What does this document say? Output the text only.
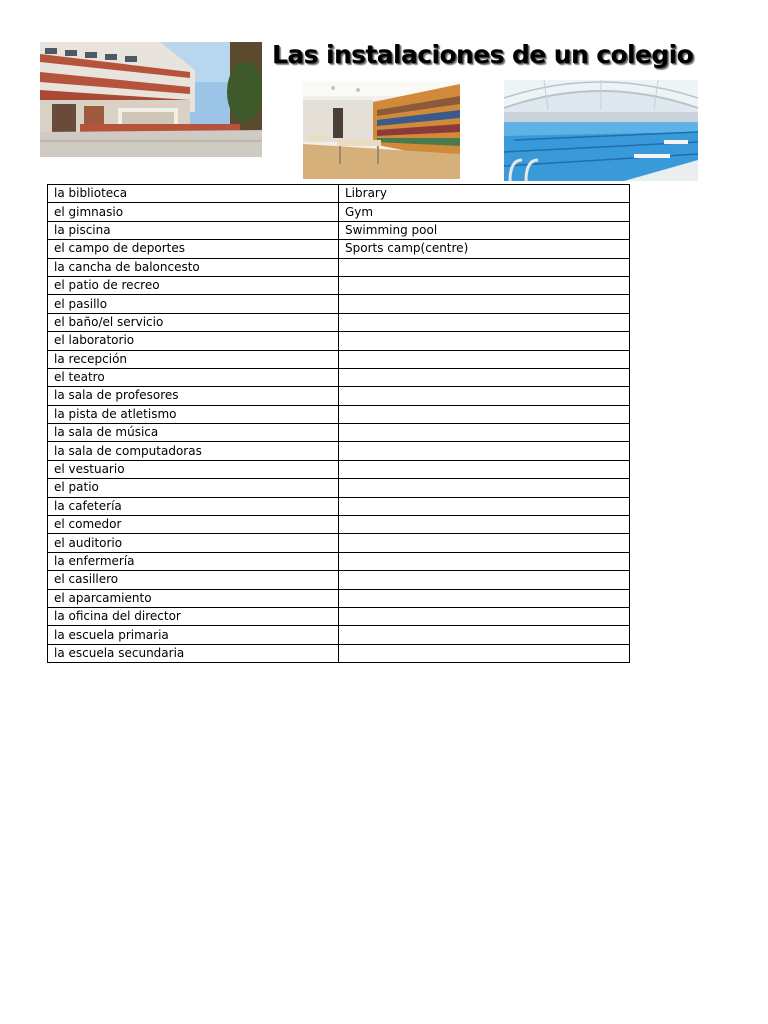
Las instalaciones de un colegio
la biblioteca	Library
el gimnasio	Gym
la piscina	Swimming pool
el campo de deportes	Sports camp(centre)
la cancha de baloncesto	
el patio de recreo	
el pasillo	
el baño/el servicio	
el laboratorio	
la recepción	
el teatro	
la sala de profesores	
la pista de atletismo	
la sala de música	
la sala de computadoras	
el vestuario	
el patio	
la cafetería	
el comedor	
el auditorio	
la enfermería	
el casillero	
el aparcamiento	
la oficina del director	
la escuela primaria	
la escuela secundaria	
